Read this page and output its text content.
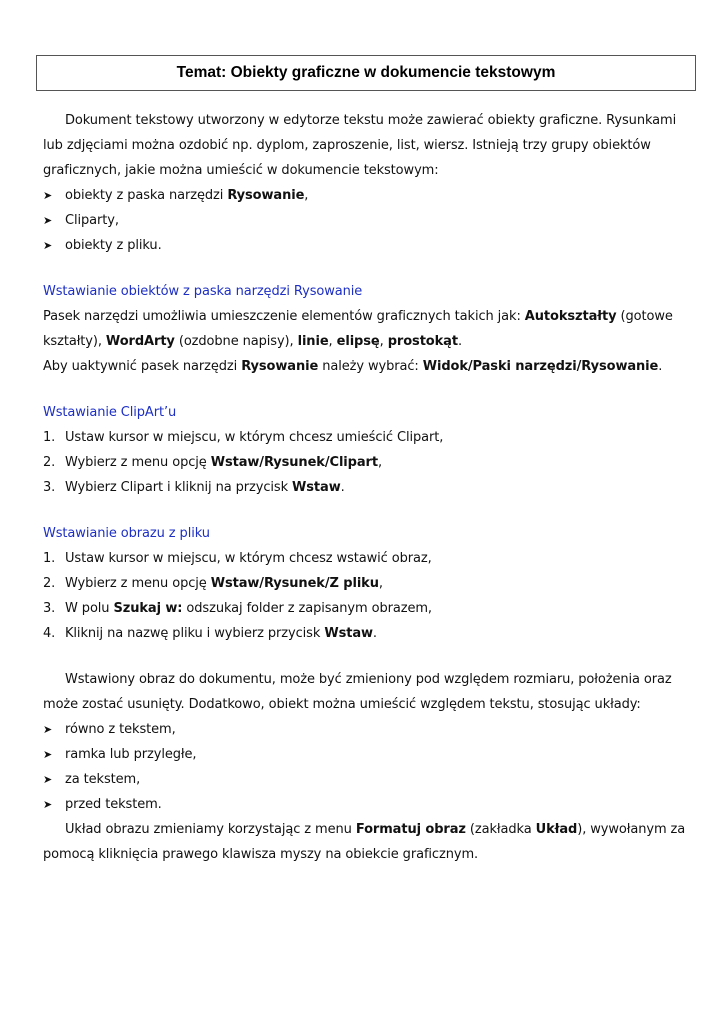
Temat: Obiekty graficzne w dokumencie tekstowym

Dokument tekstowy utworzony w edytorze tekstu może zawierać obiekty graficzne. Rysunkami lub zdjęciami można ozdobić np. dyplom, zaproszenie, list, wiersz. Istnieją trzy grupy obiektów graficznych, jakie można umieścić w dokumencie tekstowym:

➤ obiekty z paska narzędzi Rysowanie,
➤ Cliparty,
➤ obiekty z pliku.

Wstawianie obiektów z paska narzędzi Rysowanie

Pasek narzędzi umożliwia umieszczenie elementów graficznych takich jak: Autokształty (gotowe kształty), WordArty (ozdobne napisy), linie, elipsę, prostokąt.

Aby uaktywnić pasek narzędzi Rysowanie należy wybrać: Widok/Paski narzędzi/Rysowanie.

Wstawianie ClipArt’u

1. Ustaw kursor w miejscu, w którym chcesz umieścić Clipart,
2. Wybierz z menu opcję Wstaw/Rysunek/Clipart,
3. Wybierz Clipart i kliknij na przycisk Wstaw.

Wstawianie obrazu z pliku

1. Ustaw kursor w miejscu, w którym chcesz wstawić obraz,
2. Wybierz z menu opcję Wstaw/Rysunek/Z pliku,
3. W polu Szukaj w: odszukaj folder z zapisanym obrazem,
4. Kliknij na nazwę pliku i wybierz przycisk Wstaw.

Wstawiony obraz do dokumentu, może być zmieniony pod względem rozmiaru, położenia oraz może zostać usunięty. Dodatkowo, obiekt można umieścić względem tekstu, stosując układy:

➤ równo z tekstem,
➤ ramka lub przyległe,
➤ za tekstem,
➤ przed tekstem.

Układ obrazu zmieniamy korzystając z menu Formatuj obraz (zakładka Układ), wywołanym za pomocą kliknięcia prawego klawisza myszy na obiekcie graficznym.
